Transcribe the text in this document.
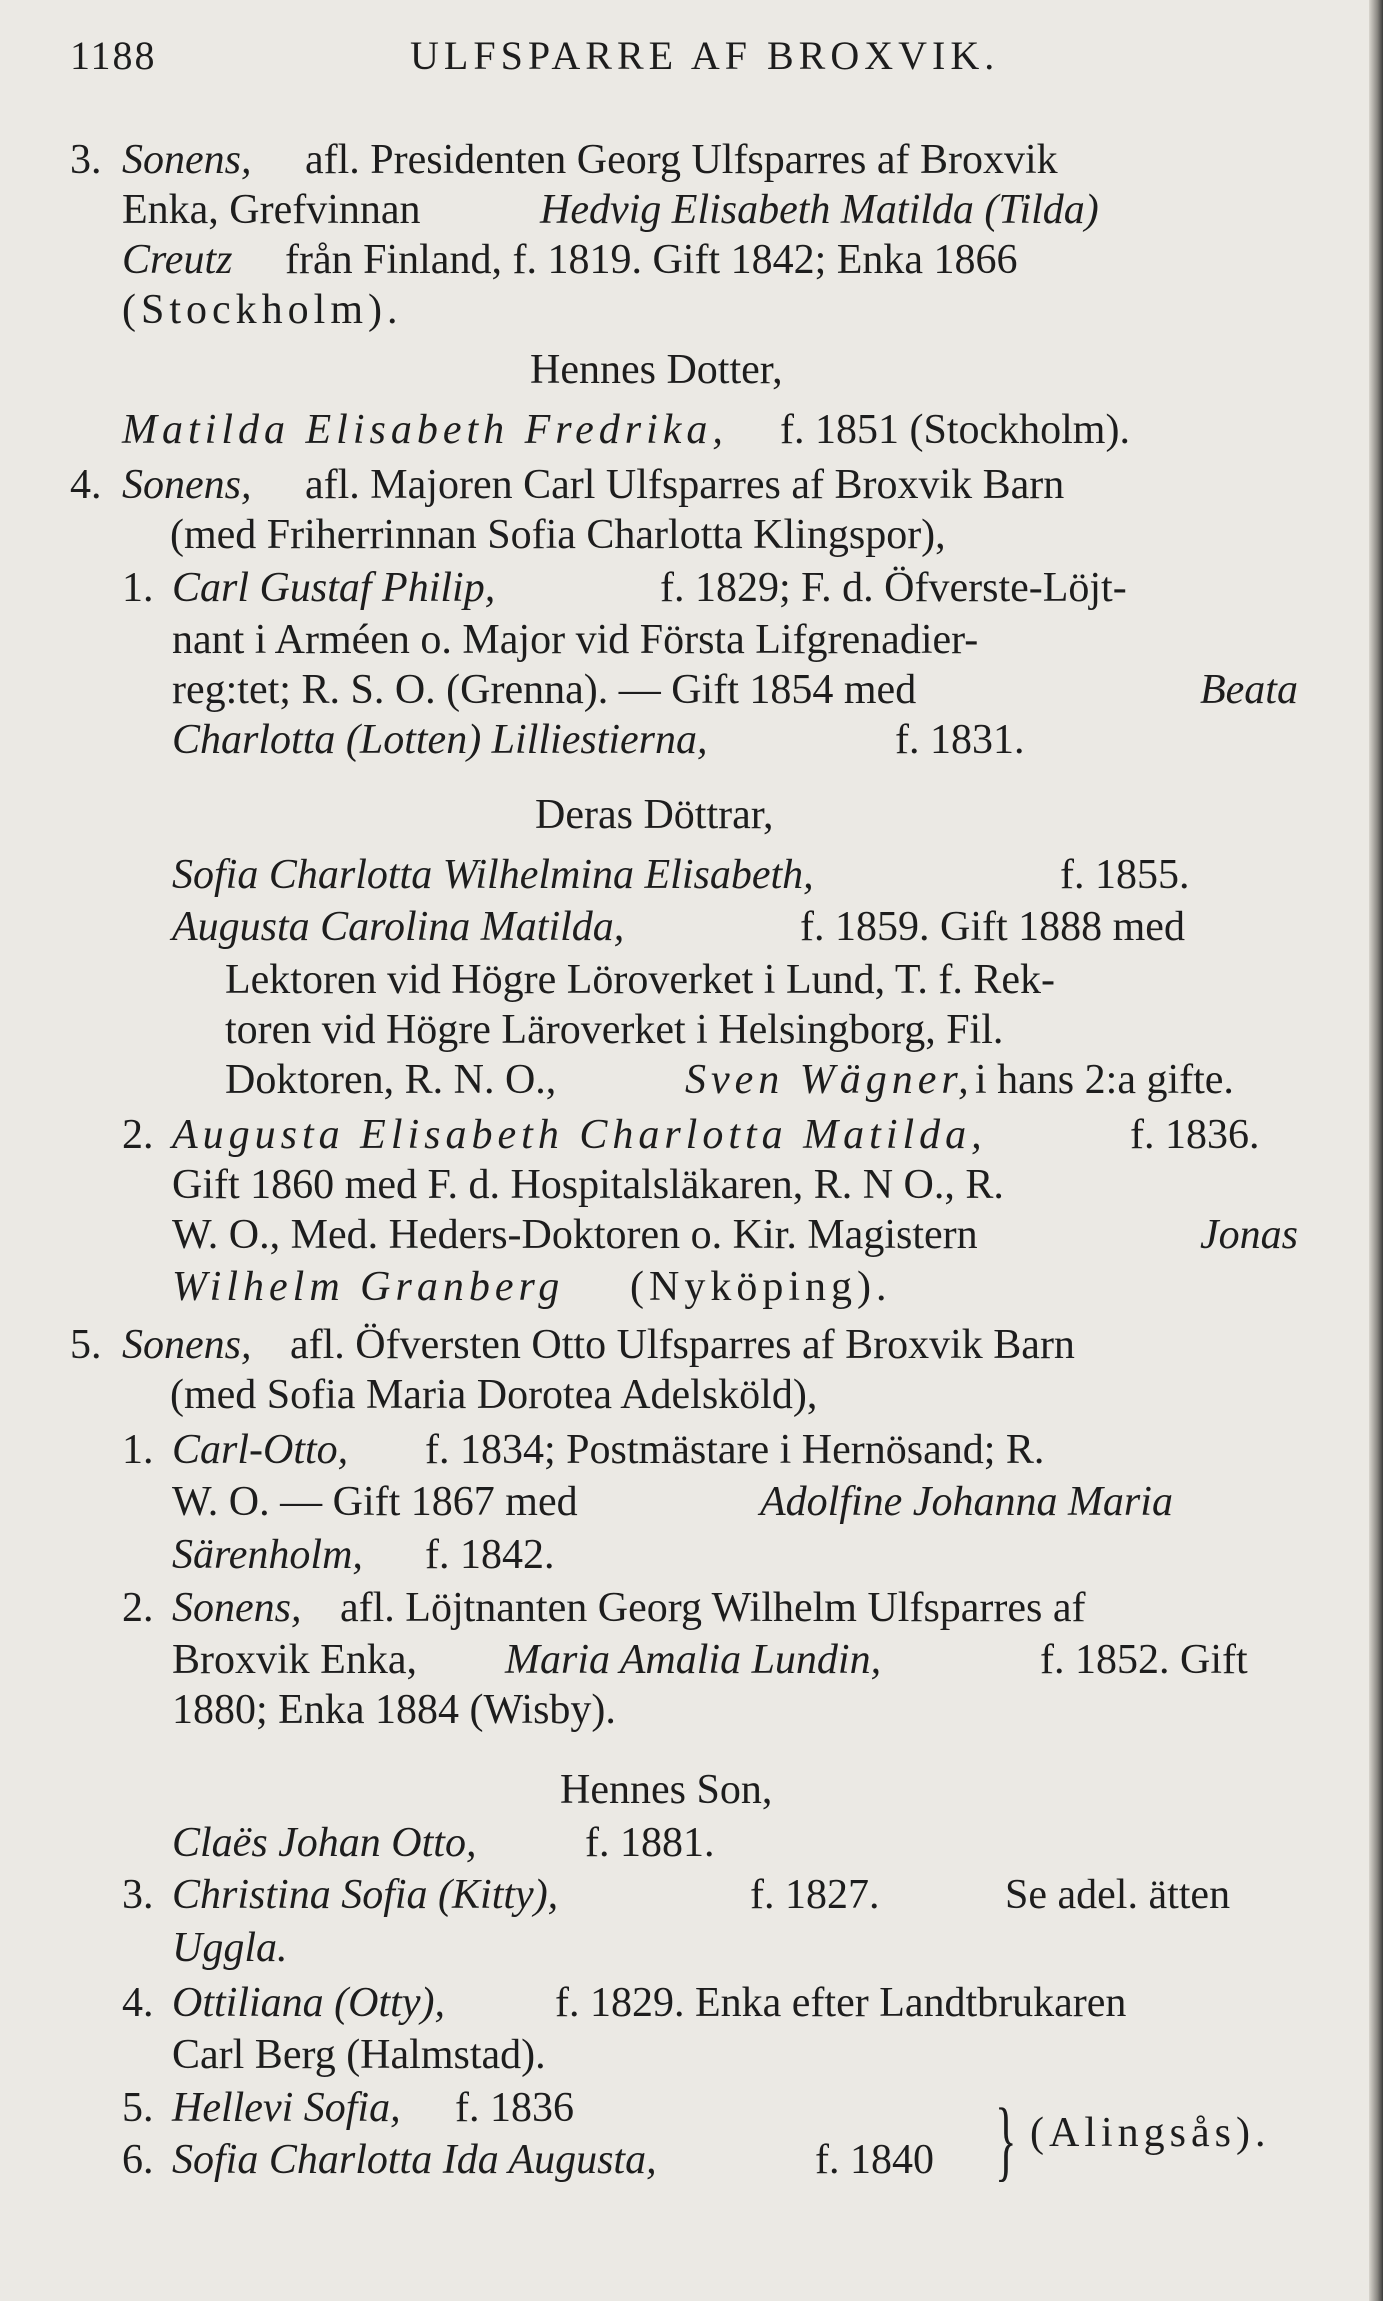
1188	ULFSPARRE AF BROXVIK.
3. Sonens, afl. Presidenten Georg Ulfsparres af Broxvik
Enka, Grefvinnan	Hedvig Elisabeth Matilda (Tilda)
Creutz från Finland, f. 1819. Gift 1842; Enka 1866
(Stockholm).
Hennes Dotter,
Matilda Elisabeth Fredrika, f. 1851 (Stockholm).
4. Sonens, afl. Majoren Carl Ulfsparres af Broxvik Barn
(med Friherrinnan Sofia Charlotta Klingspor),
1. Carl Gustaf Philip,	f. 1829; F. d. Öfverste-Löjt-
nant i Arméen o. Major vid Första Lifgrenadier-
reg:tet; R. S. O. (Grenna). — Gift 1854 med	Beata
Charlotta (Lotten) Lilliestierna,	f. 1831.
Deras Döttrar,
Sofia Charlotta Wilhelmina Elisabeth,	f. 1855.
Augusta Carolina Matilda,	f. 1859. Gift 1888 med
Lektoren vid Högre Löroverket i Lund, T. f. Rek-
toren vid Högre Läroverket i Helsingborg, Fil.
Doktoren, R. N. O.,	Sven Wägner, i hans 2:a gifte.
2. Augusta Elisabeth Charlotta Matilda,	f. 1836.
Gift 1860 med F. d. Hospitalsläkaren, R. N O., R.
W. O., Med. Heders-Doktoren o. Kir. Magistern	Jonas
Wilhelm Granberg (Nyköping).
5. Sonens, afl. Öfversten Otto Ulfsparres af Broxvik Barn
(med Sofia Maria Dorotea Adelsköld),
1. Carl-Otto, f. 1834; Postmästare i Hernösand; R.
W. O. — Gift 1867 med	Adolfine Johanna Maria
Särenholm, f. 1842.
2. Sonens, afl. Löjtnanten Georg Wilhelm Ulfsparres af
Broxvik Enka, Maria Amalia Lundin,	f. 1852. Gift
1880; Enka 1884 (Wisby).
Hennes Son,
Claës Johan Otto,	f. 1881.
3. Christina Sofia (Kitty),	f. 1827.	Se adel. ätten
Uggla.
4. Ottiliana (Otty),	f. 1829. Enka efter Landtbrukaren
Carl Berg (Halmstad).
5. Hellevi Sofia, f. 1836
6. Sofia Charlotta Ida Augusta,	f. 1840 } (Alingsås).
